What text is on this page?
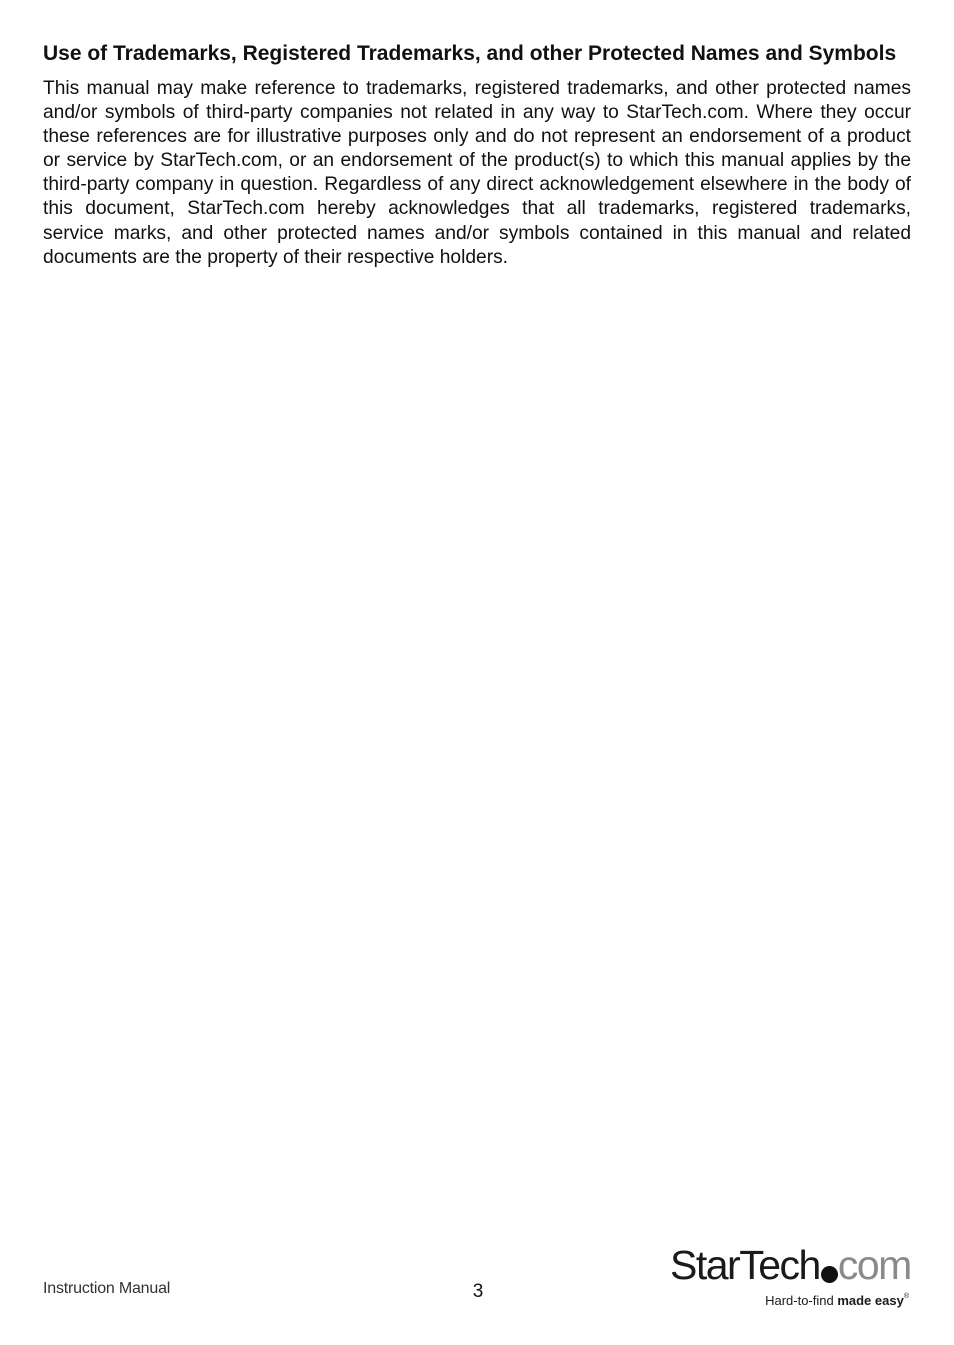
Use of Trademarks, Registered Trademarks, and other Protected Names and Symbols

This manual may make reference to trademarks, registered trademarks, and other protected names and/or symbols of third-party companies not related in any way to StarTech.com. Where they occur these references are for illustrative purposes only and do not represent an endorsement of a product or service by StarTech.com, or an endorsement of the product(s) to which this manual applies by the third-party company in question. Regardless of any direct acknowledgement elsewhere in the body of this document, StarTech.com hereby acknowledges that all trademarks, registered trademarks, service marks, and other protected names and/or symbols contained in this manual and related documents are the property of their respective holders.

Instruction Manual	3
StarTech com
Hard-to-find made easy®
